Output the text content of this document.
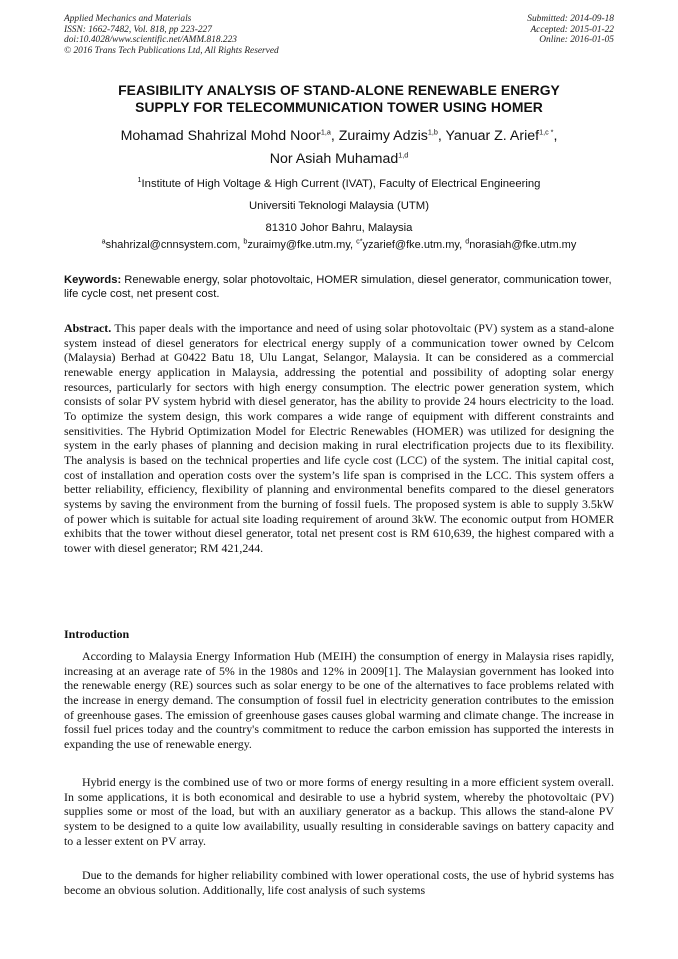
Applied Mechanics and Materials
ISSN: 1662-7482, Vol. 818, pp 223-227
doi:10.4028/www.scientific.net/AMM.818.223
© 2016 Trans Tech Publications Ltd, All Rights Reserved
Submitted: 2014-09-18
Accepted: 2015-01-22
Online: 2016-01-05
FEASIBILITY ANALYSIS OF STAND-ALONE RENEWABLE ENERGY
SUPPLY FOR TELECOMMUNICATION TOWER USING HOMER
Mohamad Shahrizal Mohd Noor$^{1,a}$, Zuraimy Adzis$^{1,b}$, Yanuar Z. Arief$^{1,c *}$,
Nor Asiah Muhamad$^{1,d}$
$^1$Institute of High Voltage & High Current (IVAT), Faculty of Electrical Engineering
Universiti Teknologi Malaysia (UTM)
81310 Johor Bahru, Malaysia
$^a$shahrizal@cnnsystem.com, $^b$zuraimy@fke.utm.my, $^{c*}$yzarief@fke.utm.my, $^d$norasiah@fke.utm.my
Keywords: Renewable energy, solar photovoltaic, HOMER simulation, diesel generator, communication tower, life cycle cost, net present cost.
Abstract. This paper deals with the importance and need of using solar photovoltaic (PV) system as a stand-alone system instead of diesel generators for electrical energy supply of a communication tower owned by Celcom (Malaysia) Berhad at G0422 Batu 18, Ulu Langat, Selangor, Malaysia. It can be considered as a commercial renewable energy application in Malaysia, addressing the potential and possibility of adopting solar energy resources, particularly for sectors with high energy consumption. The electric power generation system, which consists of solar PV system hybrid with diesel generator, has the ability to provide 24 hours electricity to the load. To optimize the system design, this work compares a wide range of equipment with different constraints and sensitivities. The Hybrid Optimization Model for Electric Renewables (HOMER) was utilized for designing the system in the early phases of planning and decision making in rural electrification projects due to its flexibility. The analysis is based on the technical properties and life cycle cost (LCC) of the system. The initial capital cost, cost of installation and operation costs over the system’s life span is comprised in the LCC. This system offers a better reliability, efficiency, flexibility of planning and environmental benefits compared to the diesel generators systems by saving the environment from the burning of fossil fuels. The proposed system is able to supply 3.5kW of power which is suitable for actual site loading requirement of around 3kW. The economic output from HOMER exhibits that the tower without diesel generator, total net present cost is RM 610,639, the highest compared with a tower with diesel generator; RM 421,244.
Introduction

According to Malaysia Energy Information Hub (MEIH) the consumption of energy in Malaysia rises rapidly, increasing at an average rate of 5% in the 1980s and 12% in 2009[1]. The Malaysian government has looked into the renewable energy (RE) sources such as solar energy to be one of the alternatives to face problems related with the increase in energy demand. The consumption of fossil fuel in electricity generation contributes to the emission of greenhouse gases. The emission of greenhouse gases causes global warming and climate change. The increase in fossil fuel prices today and the country's commitment to reduce the carbon emission has supported the interests in expanding the use of renewable energy.

Hybrid energy is the combined use of two or more forms of energy resulting in a more efficient system overall. In some applications, it is both economical and desirable to use a hybrid system, whereby the photovoltaic (PV) supplies some or most of the load, but with an auxiliary generator as a backup. This allows the stand-alone PV system to be designed to a quite low availability, usually resulting in considerable savings on battery capacity and to a lesser extent on PV array.

Due to the demands for higher reliability combined with lower operational costs, the use of hybrid systems has become an obvious solution. Additionally, life cost analysis of such systems
